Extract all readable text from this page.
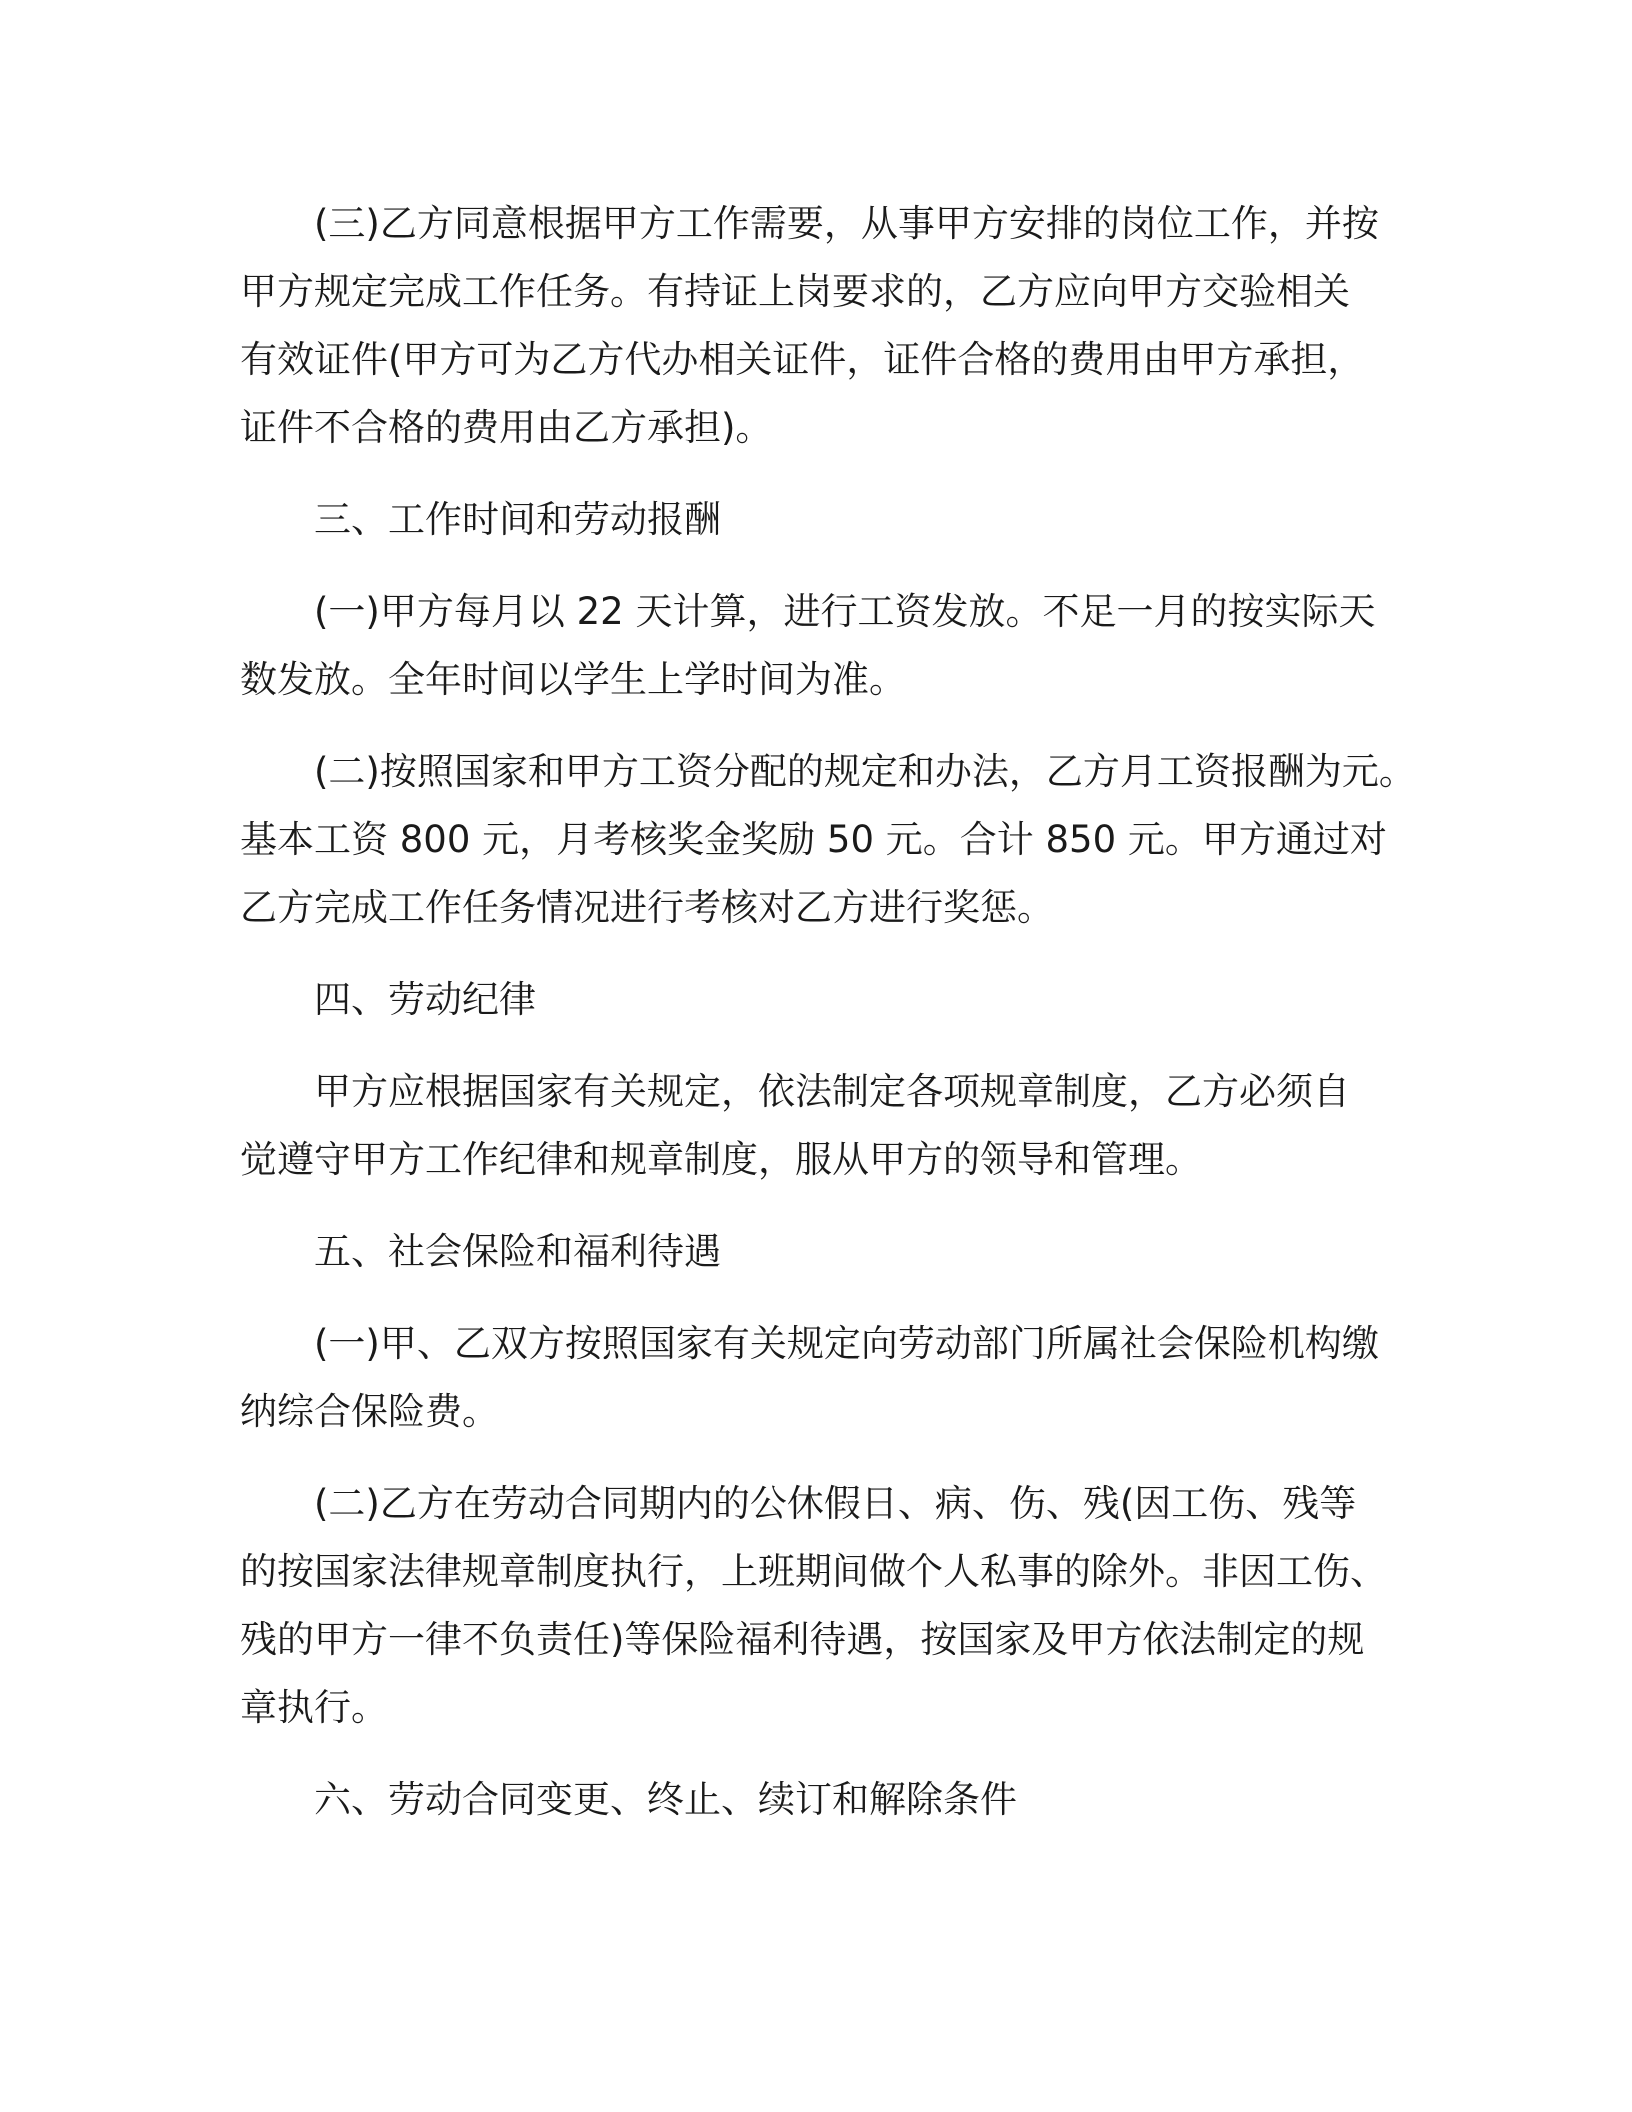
(三)乙方同意根据甲方工作需要，从事甲方安排的岗位工作，并按
甲方规定完成工作任务。有持证上岗要求的，乙方应向甲方交验相关
有效证件(甲方可为乙方代办相关证件，证件合格的费用由甲方承担，
证件不合格的费用由乙方承担)。
三、工作时间和劳动报酬
(一)甲方每月以 22 天计算，进行工资发放。不足一月的按实际天
数发放。全年时间以学生上学时间为准。
(二)按照国家和甲方工资分配的规定和办法，乙方月工资报酬为元。
基本工资 800 元，月考核奖金奖励 50 元。合计 850 元。甲方通过对
乙方完成工作任务情况进行考核对乙方进行奖惩。
四、劳动纪律
甲方应根据国家有关规定，依法制定各项规章制度，乙方必须自
觉遵守甲方工作纪律和规章制度，服从甲方的领导和管理。
五、社会保险和福利待遇
(一)甲、乙双方按照国家有关规定向劳动部门所属社会保险机构缴
纳综合保险费。
(二)乙方在劳动合同期内的公休假日、病、伤、残(因工伤、残等
的按国家法律规章制度执行，上班期间做个人私事的除外。非因工伤、
残的甲方一律不负责任)等保险福利待遇，按国家及甲方依法制定的规
章执行。
六、劳动合同变更、终止、续订和解除条件
